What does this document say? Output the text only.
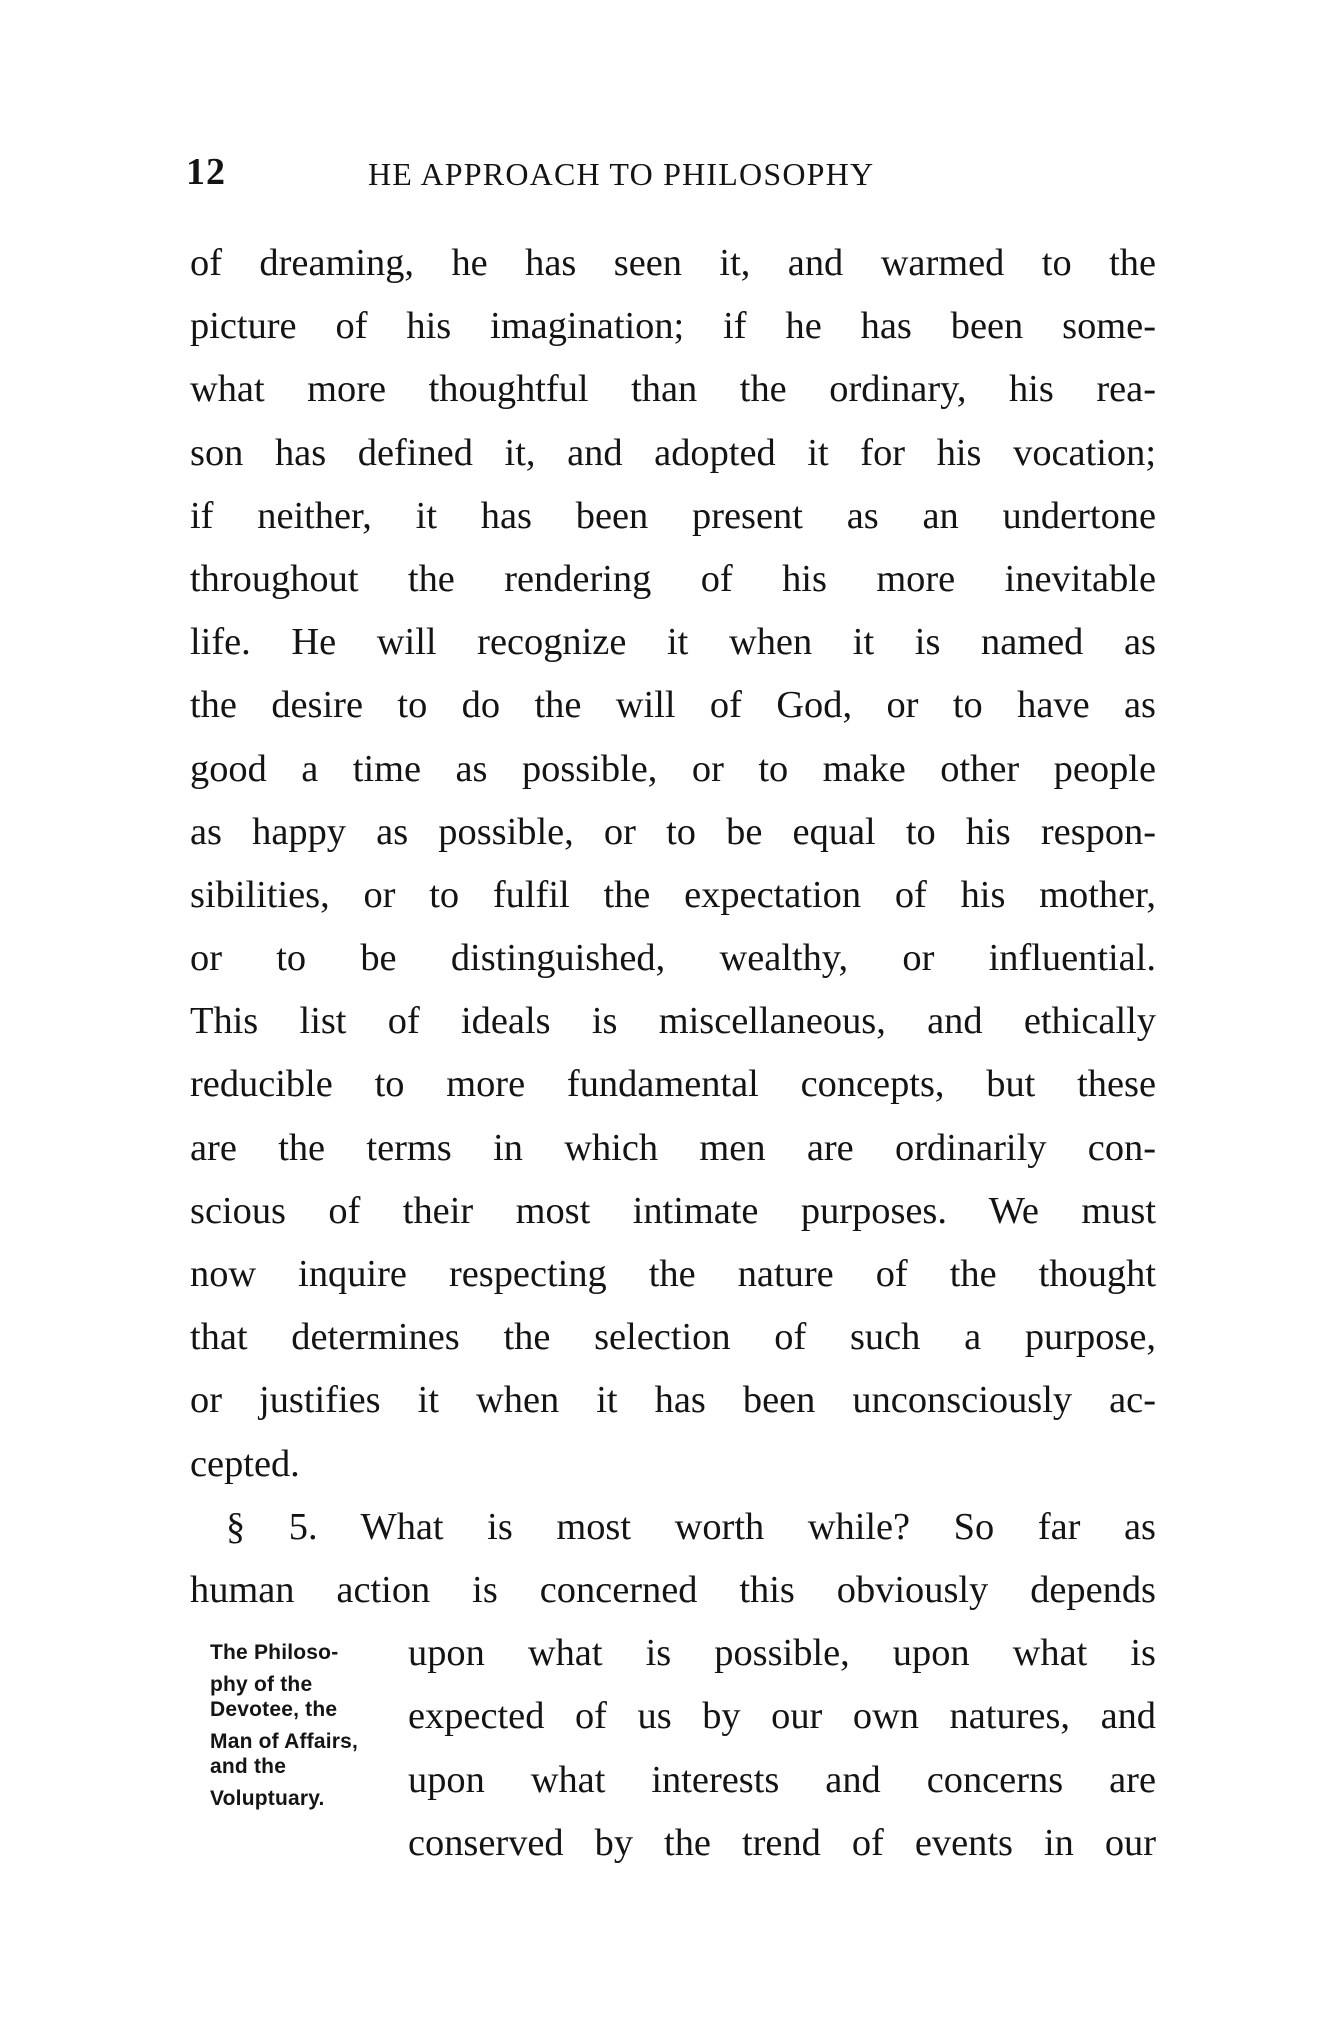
12	HE APPROACH TO PHILOSOPHY
of dreaming, he has seen it, and warmed to the
picture of his imagination; if he has been some-
what more thoughtful than the ordinary, his rea-
son has defined it, and adopted it for his vocation;
if neither, it has been present as an undertone
throughout the rendering of his more inevitable
life. He will recognize it when it is named as
the desire to do the will of God, or to have as
good a time as possible, or to make other people
as happy as possible, or to be equal to his respon-
sibilities, or to fulfil the expectation of his mother,
or to be distinguished, wealthy, or influential.
This list of ideals is miscellaneous, and ethically
reducible to more fundamental concepts, but these
are the terms in which men are ordinarily con-
scious of their most intimate purposes. We must
now inquire respecting the nature of the thought
that determines the selection of such a purpose,
or justifies it when it has been unconsciously ac-
cepted.
§ 5. What is most worth while? So far as
human action is concerned this obviously depends
upon what is possible, upon what is
expected of us by our own natures, and
upon what interests and concerns are
conserved by the trend of events in our
The Philoso-
phy of the
Devotee, the
Man of Affairs,
and the
Voluptuary.
